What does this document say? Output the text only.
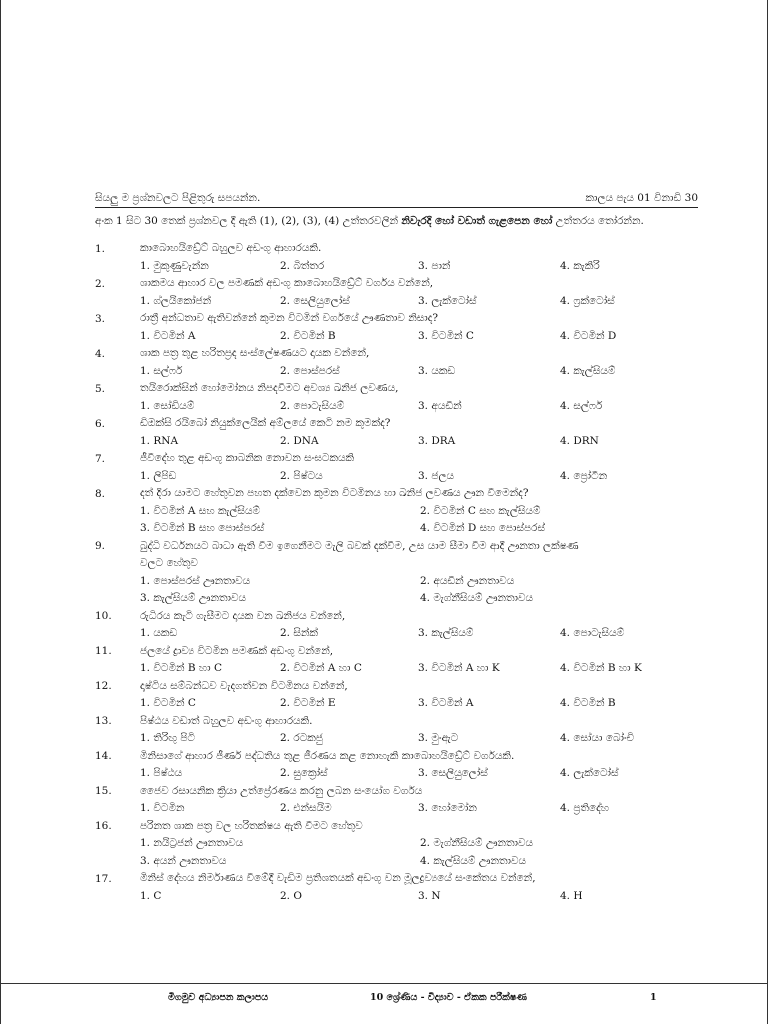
සියලු ම ප්‍රශ්නවලට පිළිතුරු සපයන්න.	කාලය පැය 01 විනාඩි 30
අංක 1 සිට 30 තෙක් ප්‍රශ්නවල දී ඇති (1), (2), (3), (4) උත්තරවලින් නිවැරදි හෝ වඩාත් ගැළපෙන හෝ උත්තරය තෝරන්න.
1.	කාබොහයිඩ්‍රේට් බහුලව අඩංගු ආහාරයකි.
1. මුකුණුවැන්න	2. බිත්තර	3. පාන්	4. කැකිරි
2.	ශාකමය ආහාර වල පමණක් අඩංගු කාබොහයිඩ්‍රේට් වර්ගය වන්නේ,
1. ග්ලයිකෝජන්	2. සෙලියුලෝස්	3. ලැක්ටෝස්	4. ෆ්‍රක්ටෝස්
3.	රාත්‍රී අන්ධතාව ඇතිවන්නේ කුමන විටමින් වර්ගයේ ඌණතාව නිසාද?
1. විටමින් A	2. විටමින් B	3. විටමින් C	4. විටමින් D
4.	ශාක පත්‍ර තුළ හරිතප්‍රද සංස්ලේෂණයට දායක වන්නේ,
1. සල්ෆර්	2. පොස්පරස්	3. යකඩ	4. කැල්සියම්
5.	තයිරොක්සින් හෝමෝනය නිපදවීමට අවශ්‍ය ඛනිජ ලවණය,
1. සෝඩියම්	2. පොටැසියම්	3. අයඩීන්	4. සල්ෆර්
6.	ඩිඔක්සි රයිබෝ නියුක්ලෙයික් අම්ලයේ කෙටි නම කුමක්ද?
1. RNA	2. DNA	3. DRA	4. DRN
7.	ජීවීදේහ තුළ අඩංගු කාබනික නොවන සංඝටකයකි
1. ලිපිඩ	2. පිෂ්ටය	3. ජලය	4. ප්‍රෝටීන
8.	දත් දිරා යාමට හේතුවන පහත දක්වෙන කුමන විටමිනය හා ඛනිජ ලවණය ඌන වීමෙන්ද?
1. විටමින් A සහ කැල්සියම්	2. විටමින් C සහ කැල්සියම්
3. විටමින් B සහ පොස්පරස්	4. විටමින් D සහ පොස්පරස්
9.	බුද්ධි වර්ධනයට බාධා ඇති වීම ඉගෙනීමට මැලි බවක් දක්වීම, උස යාම සීමා වීම ආදී ඌනතා ලක්ෂණ
වලට හේතුව
1. පොස්පරස් ඌනතාවය	2. අයඩීන් ඌනතාවය
3. කැල්සියම් ඌනතාවය	4. මැග්නීසියම් ඌනතාවය
10.	රුධිරය කැටි ගැසීමට දායක වන ඛනිජය වන්නේ,
1. යකඩ	2. සින්ක්	3. කැල්සියම්	4. පොටැසියම්
11.	ජලයේ ද්‍රාව්‍ය විටමින පමණක් අඩංගු වන්නේ,
1. විටමින් B හා C	2. විටමින් A හා C	3. විටමින් A හා K	4. විටමින් B හා K
12.	දෘෂ්ටිය සම්බන්ධව වැදගත්වන විටමිනය වන්නේ,
1. විටමින් C	2. විටමින් E	3. විටමින් A	4. විටමින් B
13.	පිෂ්ඨය වඩාත් බහුලව අඩංගු ආහාරයකි.
1. තිරිඟු පිටි	2. රටකජු	3. මුංඇට	4. සෝයා බෝංචි
14.	මිනිසාගේ ආහාර ජීර්ණ පද්ධතිය තුළ ජීරණය කළ නොහැකි කාබොහයිඩ්‍රේට් වර්ගයකි.
1. පිෂ්ඨය	2. සුක්‍රෝස්	3. සෙලියුලෝස්	4. ලැක්ටෝස්
15.	ජෛව රසායනික ක්‍රියා උත්ප්‍රේරණය කරනු ලබන සංයෝග වර්ගය
1. විටමින	2. එන්සයිම	3. හෝමෝන	4. ප්‍රතිදේහ
16.	පරිනත ශාක පත්‍ර වල හරිතක්ෂය ඇති වීමට හේතුව
1. නයිට්‍රජන් ඌනතාවය	2. මැග්නීසියම් ඌනතාවය
3. අයන් ඌනතාවය	4. කැල්සියම් ඌනතාවය
17.	මිනිස් දේහය නිර්මාණය වීමේදී වැඩිම ප්‍රතිශතයක් අඩංගු වන මූලද්‍රව්‍යයේ සංකේතය වන්නේ,
1. C	2. O	3. N	4. H
මිගමුව අධ්‍යාපන කලාපය	10 ශ්‍රේණිය - විද්‍යාව - ඒකක පරීක්ෂණ	1
